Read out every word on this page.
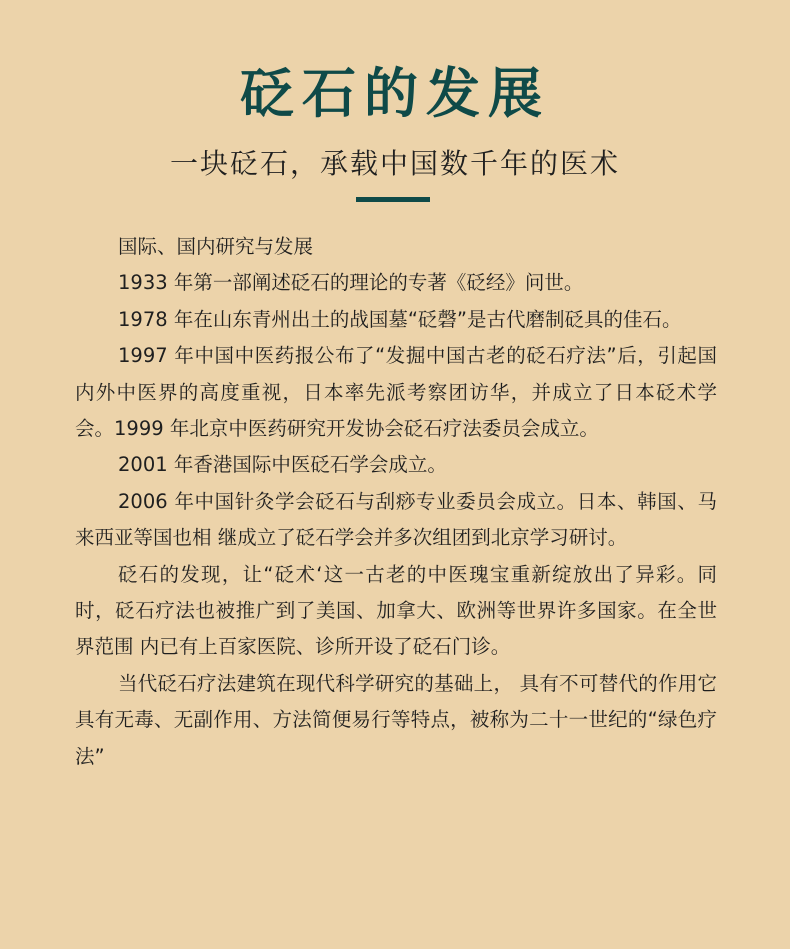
砭石的发展
一块砭石，承载中国数千年的医术

国际、国内研究与发展

1933 年第一部阐述砭石的理论的专著《砭经》问世。

1978 年在山东青州出土的战国墓“砭磬”是古代磨制砭具的佳石。

1997 年中国中医药报公布了“发掘中国古老的砭石疗法”后，引起国内外中医界的高度重视，日本率先派考察团访华，并成立了日本砭术学会。1999 年北京中医药研究开发协会砭石疗法委员会成立。

2001 年香港国际中医砭石学会成立。

2006 年中国针灸学会砭石与刮痧专业委员会成立。日本、韩国、马来西亚等国也相 继成立了砭石学会并多次组团到北京学习研讨。

砭石的发现，让“砭术‘这一古老的中医瑰宝重新绽放出了异彩。同时，砭石疗法也被推广到了美国、加拿大、欧洲等世界许多国家。在全世界范围 内已有上百家医院、诊所开设了砭石门诊。

当代砭石疗法建筑在现代科学研究的基础上， 具有不可替代的作用它具有无毒、无副作用、方法简便易行等特点，被称为二十一世纪的“绿色疗法”
